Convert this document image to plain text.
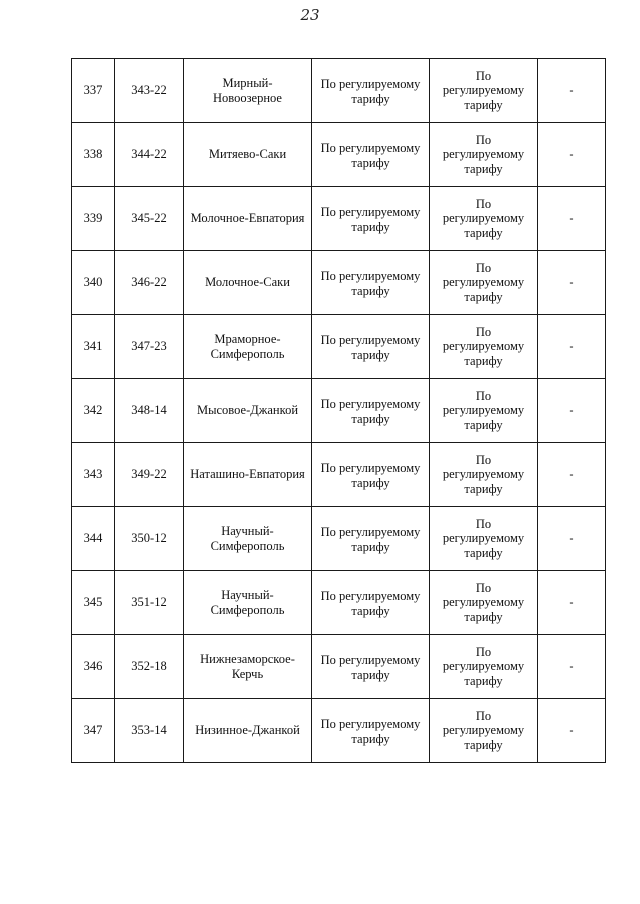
23
337	343-22	Мирный-
Новоозерное	По регулируемому
тарифу	По
регулируемому
тарифу	-
338	344-22	Митяево-Саки	По регулируемому
тарифу	По
регулируемому
тарифу	-
339	345-22	Молочное-Евпатория	По регулируемому
тарифу	По
регулируемому
тарифу	-
340	346-22	Молочное-Саки	По регулируемому
тарифу	По
регулируемому
тарифу	-
341	347-23	Мраморное-
Симферополь	По регулируемому
тарифу	По
регулируемому
тарифу	-
342	348-14	Мысовое-Джанкой	По регулируемому
тарифу	По
регулируемому
тарифу	-
343	349-22	Наташино-Евпатория	По регулируемому
тарифу	По
регулируемому
тарифу	-
344	350-12	Научный-
Симферополь	По регулируемому
тарифу	По
регулируемому
тарифу	-
345	351-12	Научный-
Симферополь	По регулируемому
тарифу	По
регулируемому
тарифу	-
346	352-18	Нижнезаморское-
Керчь	По регулируемому
тарифу	По
регулируемому
тарифу	-
347	353-14	Низинное-Джанкой	По регулируемому
тарифу	По
регулируемому
тарифу	-
